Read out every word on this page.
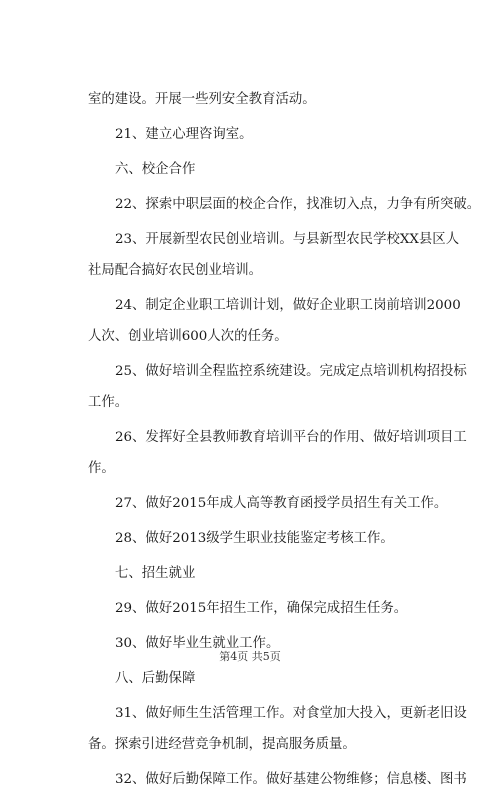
室的建设。开展一些列安全教育活动。

21、建立心理咨询室。

六、校企合作

22、探索中职层面的校企合作，找准切入点，力争有所突破。

23、开展新型农民创业培训。与县新型农民学校XX县区人

社局配合搞好农民创业培训。

24、制定企业职工培训计划，做好企业职工岗前培训2000

人次、创业培训600人次的任务。

25、做好培训全程监控系统建设。完成定点培训机构招投标

工作。

26、发挥好全县教师教育培训平台的作用、做好培训项目工

作。

27、做好2015年成人高等教育函授学员招生有关工作。

28、做好2013级学生职业技能鉴定考核工作。

七、招生就业

29、做好2015年招生工作，确保完成招生任务。

30、做好毕业生就业工作。

八、后勤保障

31、做好师生生活管理工作。对食堂加大投入，更新老旧设

备。探索引进经营竞争机制，提高服务质量。

32、做好后勤保障工作。做好基建公物维修；信息楼、图书

第4页 共5页
